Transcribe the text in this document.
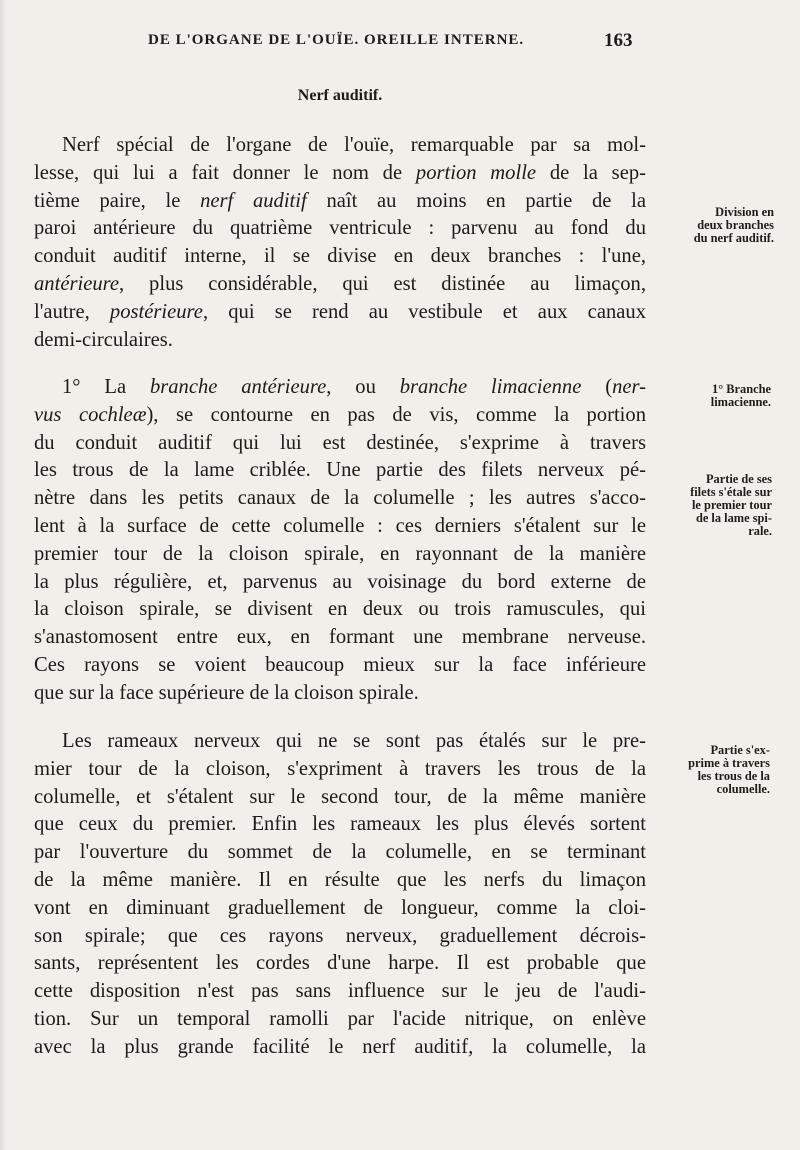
DE L'ORGANE DE L'OUÏE. OREILLE INTERNE.	163
Nerf auditif.
Nerf spécial de l'organe de l'ouïe, remarquable par sa mol-
lesse, qui lui a fait donner le nom de portion molle de la sep-
tième paire, le nerf auditif naît au moins en partie de la
paroi antérieure du quatrième ventricule : parvenu au fond du
conduit auditif interne, il se divise en deux branches : l'une,
antérieure, plus considérable, qui est distinée au limaçon,
l'autre, postérieure, qui se rend au vestibule et aux canaux
demi-circulaires.
1° La branche antérieure, ou branche limacienne (ner-
vus cochleæ), se contourne en pas de vis, comme la portion
du conduit auditif qui lui est destinée, s'exprime à travers
les trous de la lame criblée. Une partie des filets nerveux pé-
nètre dans les petits canaux de la columelle ; les autres s'acco-
lent à la surface de cette columelle : ces derniers s'étalent sur le
premier tour de la cloison spirale, en rayonnant de la manière
la plus régulière, et, parvenus au voisinage du bord externe de
la cloison spirale, se divisent en deux ou trois ramuscules, qui
s'anastomosent entre eux, en formant une membrane nerveuse.
Ces rayons se voient beaucoup mieux sur la face inférieure
que sur la face supérieure de la cloison spirale.
Les rameaux nerveux qui ne se sont pas étalés sur le pre-
mier tour de la cloison, s'expriment à travers les trous de la
columelle, et s'étalent sur le second tour, de la même manière
que ceux du premier. Enfin les rameaux les plus élevés sortent
par l'ouverture du sommet de la columelle, en se terminant
de la même manière. Il en résulte que les nerfs du limaçon
vont en diminuant graduellement de longueur, comme la cloi-
son spirale; que ces rayons nerveux, graduellement décrois-
sants, représentent les cordes d'une harpe. Il est probable que
cette disposition n'est pas sans influence sur le jeu de l'audi-
tion. Sur un temporal ramolli par l'acide nitrique, on enlève
avec la plus grande facilité le nerf auditif, la columelle, la
Division en
deux branches
du nerf auditif.
1° Branche
limacienne.
Partie de ses
filets s'étale sur
le premier tour
de la lame spi-
rale.
Partie s'ex-
prime à travers
les trous de la
columelle.
